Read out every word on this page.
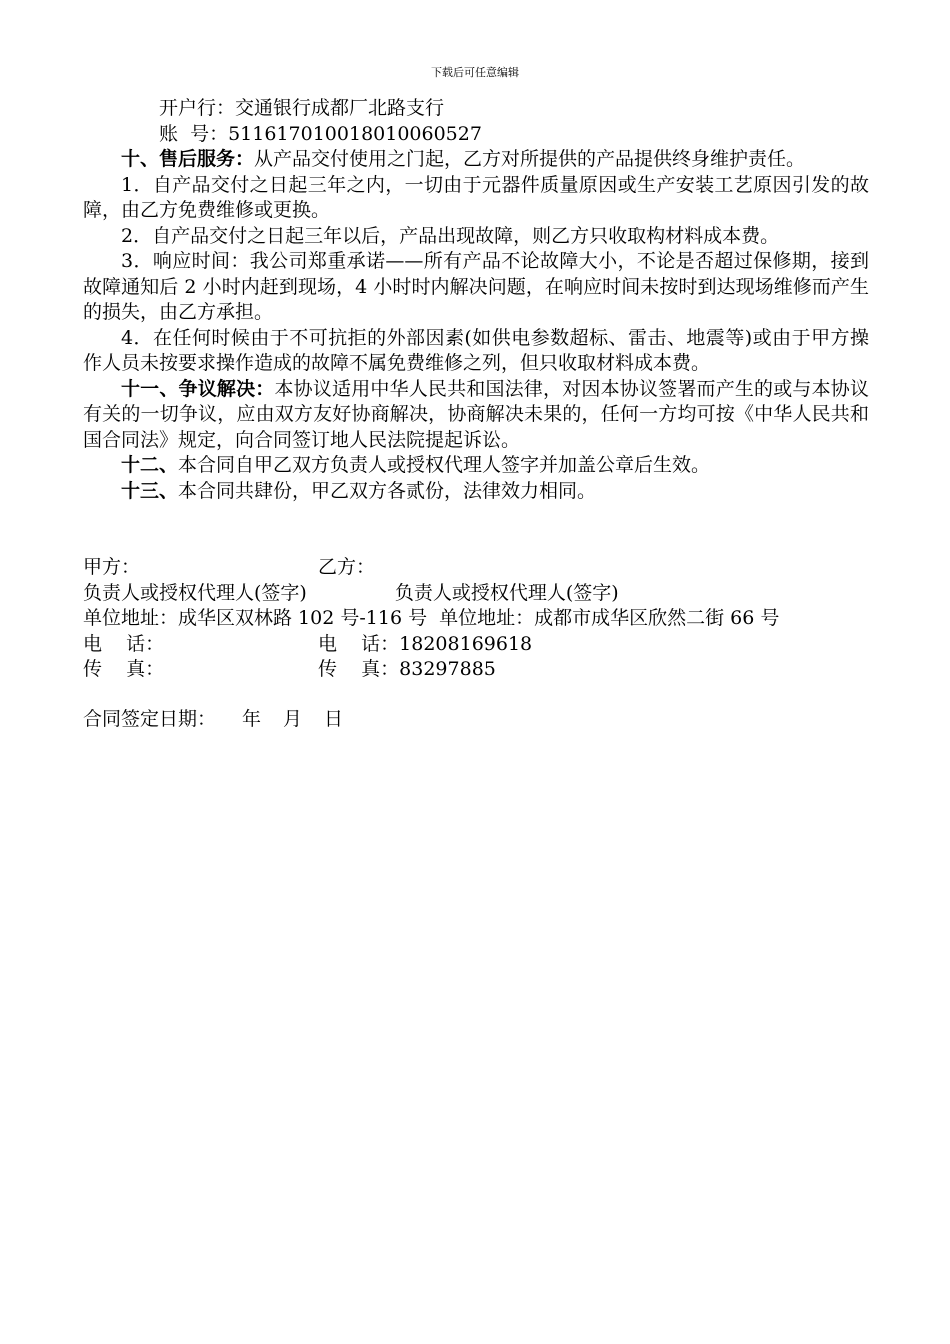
下载后可任意编辑

开户行：交通银行成都厂北路支行

账  号：511617010018010060527

十、售后服务：从产品交付使用之门起，乙方对所提供的产品提供终身维护责任。

1．自产品交付之日起三年之内，一切由于元器件质量原因或生产安装工艺原因引发的故障，由乙方免费维修或更换。

2．自产品交付之日起三年以后，产品出现故障，则乙方只收取构材料成本费。

3．响应时间：我公司郑重承诺——所有产品不论故障大小，不论是否超过保修期，接到故障通知后 2 小时内赶到现场，4 小时时内解决问题，在响应时间未按时到达现场维修而产生的损失，由乙方承担。

4．在任何时候由于不可抗拒的外部因素(如供电参数超标、雷击、地震等)或由于甲方操作人员未按要求操作造成的故障不属免费维修之列，但只收取材料成本费。

十一、争议解决：本协议适用中华人民共和国法律，对因本协议签署而产生的或与本协议有关的一切争议，应由双方友好协商解决，协商解决未果的，任何一方均可按《中华人民共和国合同法》规定，向合同签订地人民法院提起诉讼。

十二、本合同自甲乙双方负责人或授权代理人签字并加盖公章后生效。

十三、本合同共肆份，甲乙双方各贰份，法律效力相同。

甲方：	乙方：
负责人或授权代理人(签字)	负责人或授权代理人(签字)
单位地址：成华区双林路 102 号-116 号 单位地址：成都市成华区欣然二街 66 号
电    话：	电    话： 18208169618
传    真：	传    真： 83297885
合同签定日期： 年 月 日
